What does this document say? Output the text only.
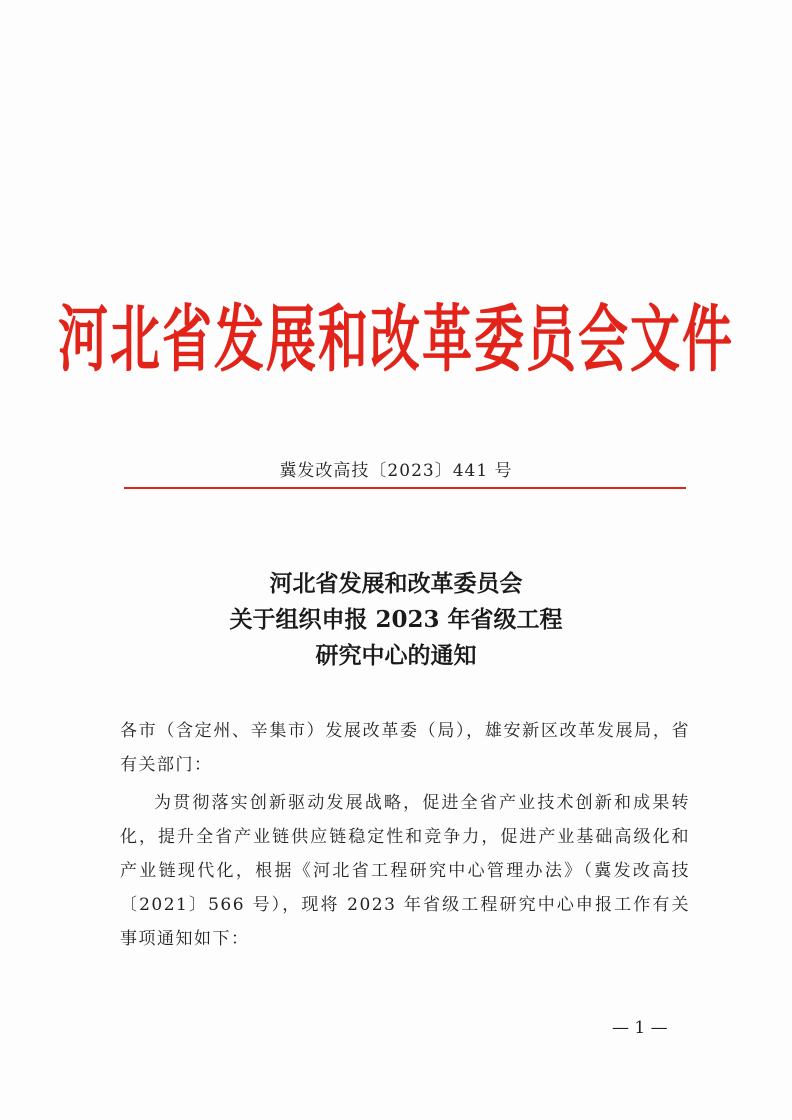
河北省发展和改革委员会文件
冀发改高技〔2023〕441 号
河北省发展和改革委员会
关于组织申报 2023 年省级工程
研究中心的通知

各市（含定州、辛集市）发展改革委（局），雄安新区改革发展局，省有关部门：

为贯彻落实创新驱动发展战略，促进全省产业技术创新和成果转化，提升全省产业链供应链稳定性和竞争力，促进产业基础高级化和产业链现代化，根据《河北省工程研究中心管理办法》（冀发改高技〔2021〕566 号），现将 2023 年省级工程研究中心申报工作有关事项通知如下：

— 1 —
